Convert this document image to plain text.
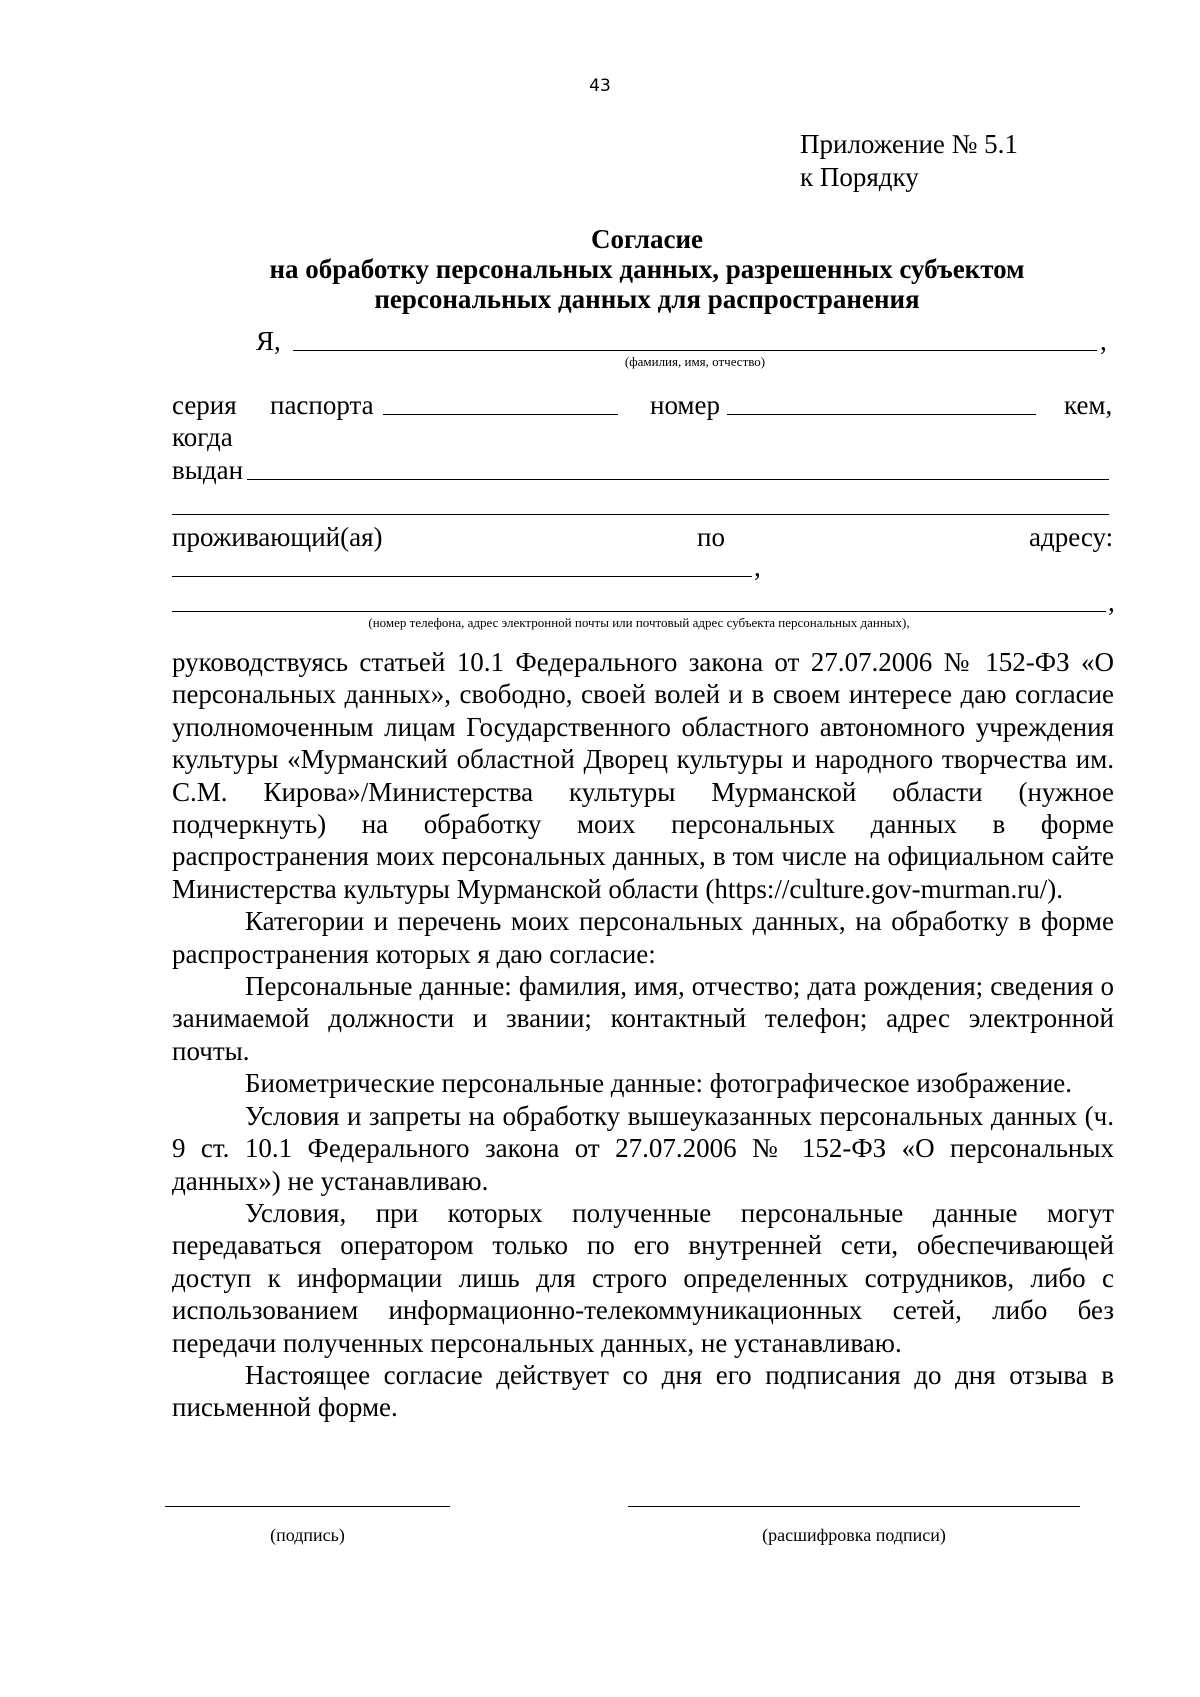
43
Приложение № 5.1
к Порядку
Согласие
на обработку персональных данных, разрешенных субъектом
персональных данных для распространения
Я,	,
(фамилия, имя, отчество)
серия паспорта	номер	кем,
когда
выдан
проживающий(ая)	по	адресу:
,
,
(номер телефона, адрес электронной почты или почтовый адрес субъекта персональных данных),

руководствуясь статьей 10.1 Федерального закона от 27.07.2006 № 152-ФЗ «О персональных данных», свободно, своей волей и в своем интересе даю согласие уполномоченным лицам Государственного областного автономного учреждения культуры «Мурманский областной Дворец культуры и народного творчества им. С.М. Кирова»/Министерства культуры Мурманской области (нужное подчеркнуть) на обработку моих персональных данных в форме распространения моих персональных данных, в том числе на официальном сайте Министерства культуры Мурманской области (https://culture.gov-murman.ru/).

Категории и перечень моих персональных данных, на обработку в форме распространения которых я даю согласие:

Персональные данные: фамилия, имя, отчество; дата рождения; сведения о занимаемой должности и звании; контактный телефон; адрес электронной почты.

Биометрические персональные данные: фотографическое изображение.

Условия и запреты на обработку вышеуказанных персональных данных (ч. 9 ст. 10.1 Федерального закона от 27.07.2006 № 152-ФЗ «О персональных данных») не устанавливаю.

Условия, при которых полученные персональные данные могут передаваться оператором только по его внутренней сети, обеспечивающей доступ к информации лишь для строго определенных сотрудников, либо с использованием информационно-телекоммуникационных сетей, либо без передачи полученных персональных данных, не устанавливаю.

Настоящее согласие действует со дня его подписания до дня отзыва в письменной форме.

(подпись)	(расшифровка подписи)
